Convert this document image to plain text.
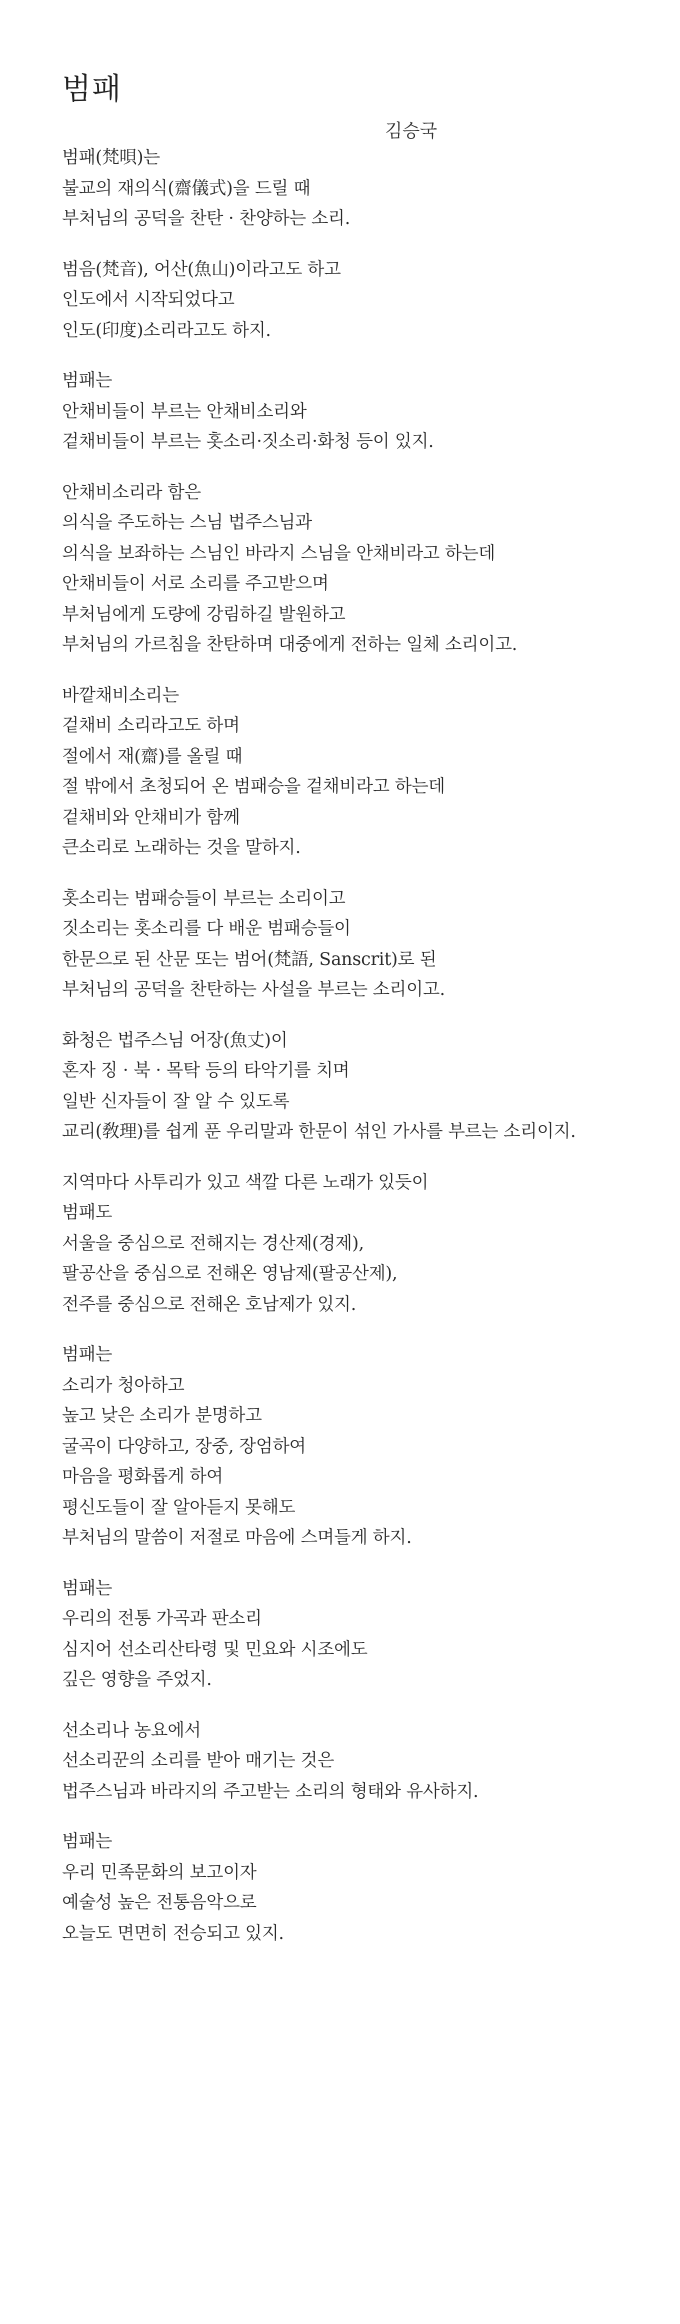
범패
김승국
범패(梵唄)는
불교의 재의식(齋儀式)을 드릴 때
부처님의 공덕을 찬탄 · 찬양하는 소리.
범음(梵音), 어산(魚山)이라고도 하고
인도에서 시작되었다고
인도(印度)소리라고도 하지.
범패는
안채비들이 부르는 안채비소리와
겉채비들이 부르는 홋소리·짓소리·화청 등이 있지.
안채비소리라 함은
의식을 주도하는 스님 법주스님과
의식을 보좌하는 스님인 바라지 스님을 안채비라고 하는데
안채비들이 서로 소리를 주고받으며
부처님에게 도량에 강림하길 발원하고
부처님의 가르침을 찬탄하며 대중에게 전하는 일체 소리이고.
바깥채비소리는
겉채비 소리라고도 하며
절에서 재(齋)를 올릴 때
절 밖에서 초청되어 온 범패승을 겉채비라고 하는데
겉채비와 안채비가 함께
큰소리로 노래하는 것을 말하지.
홋소리는 범패승들이 부르는 소리이고
짓소리는 홋소리를 다 배운 범패승들이
한문으로 된 산문 또는 범어(梵語, Sanscrit)로 된
부처님의 공덕을 찬탄하는 사설을 부르는 소리이고.
화청은 법주스님 어장(魚丈)이
혼자 징 · 북 · 목탁 등의 타악기를 치며
일반 신자들이 잘 알 수 있도록
교리(敎理)를 쉽게 푼 우리말과 한문이 섞인 가사를 부르는 소리이지.
지역마다 사투리가 있고 색깔 다른 노래가 있듯이
범패도
서울을 중심으로 전해지는 경산제(경제),
팔공산을 중심으로 전해온 영남제(팔공산제),
전주를 중심으로 전해온 호남제가 있지.
범패는
소리가 청아하고
높고 낮은 소리가 분명하고
굴곡이 다양하고, 장중, 장엄하여
마음을 평화롭게 하여
평신도들이 잘 알아듣지 못해도
부처님의 말씀이 저절로 마음에 스며들게 하지.
범패는
우리의 전통 가곡과 판소리
심지어 선소리산타령 및 민요와 시조에도
깊은 영향을 주었지.
선소리나 농요에서
선소리꾼의 소리를 받아 매기는 것은
법주스님과 바라지의 주고받는 소리의 형태와 유사하지.
범패는
우리 민족문화의 보고이자
예술성 높은 전통음악으로
오늘도 면면히 전승되고 있지.
